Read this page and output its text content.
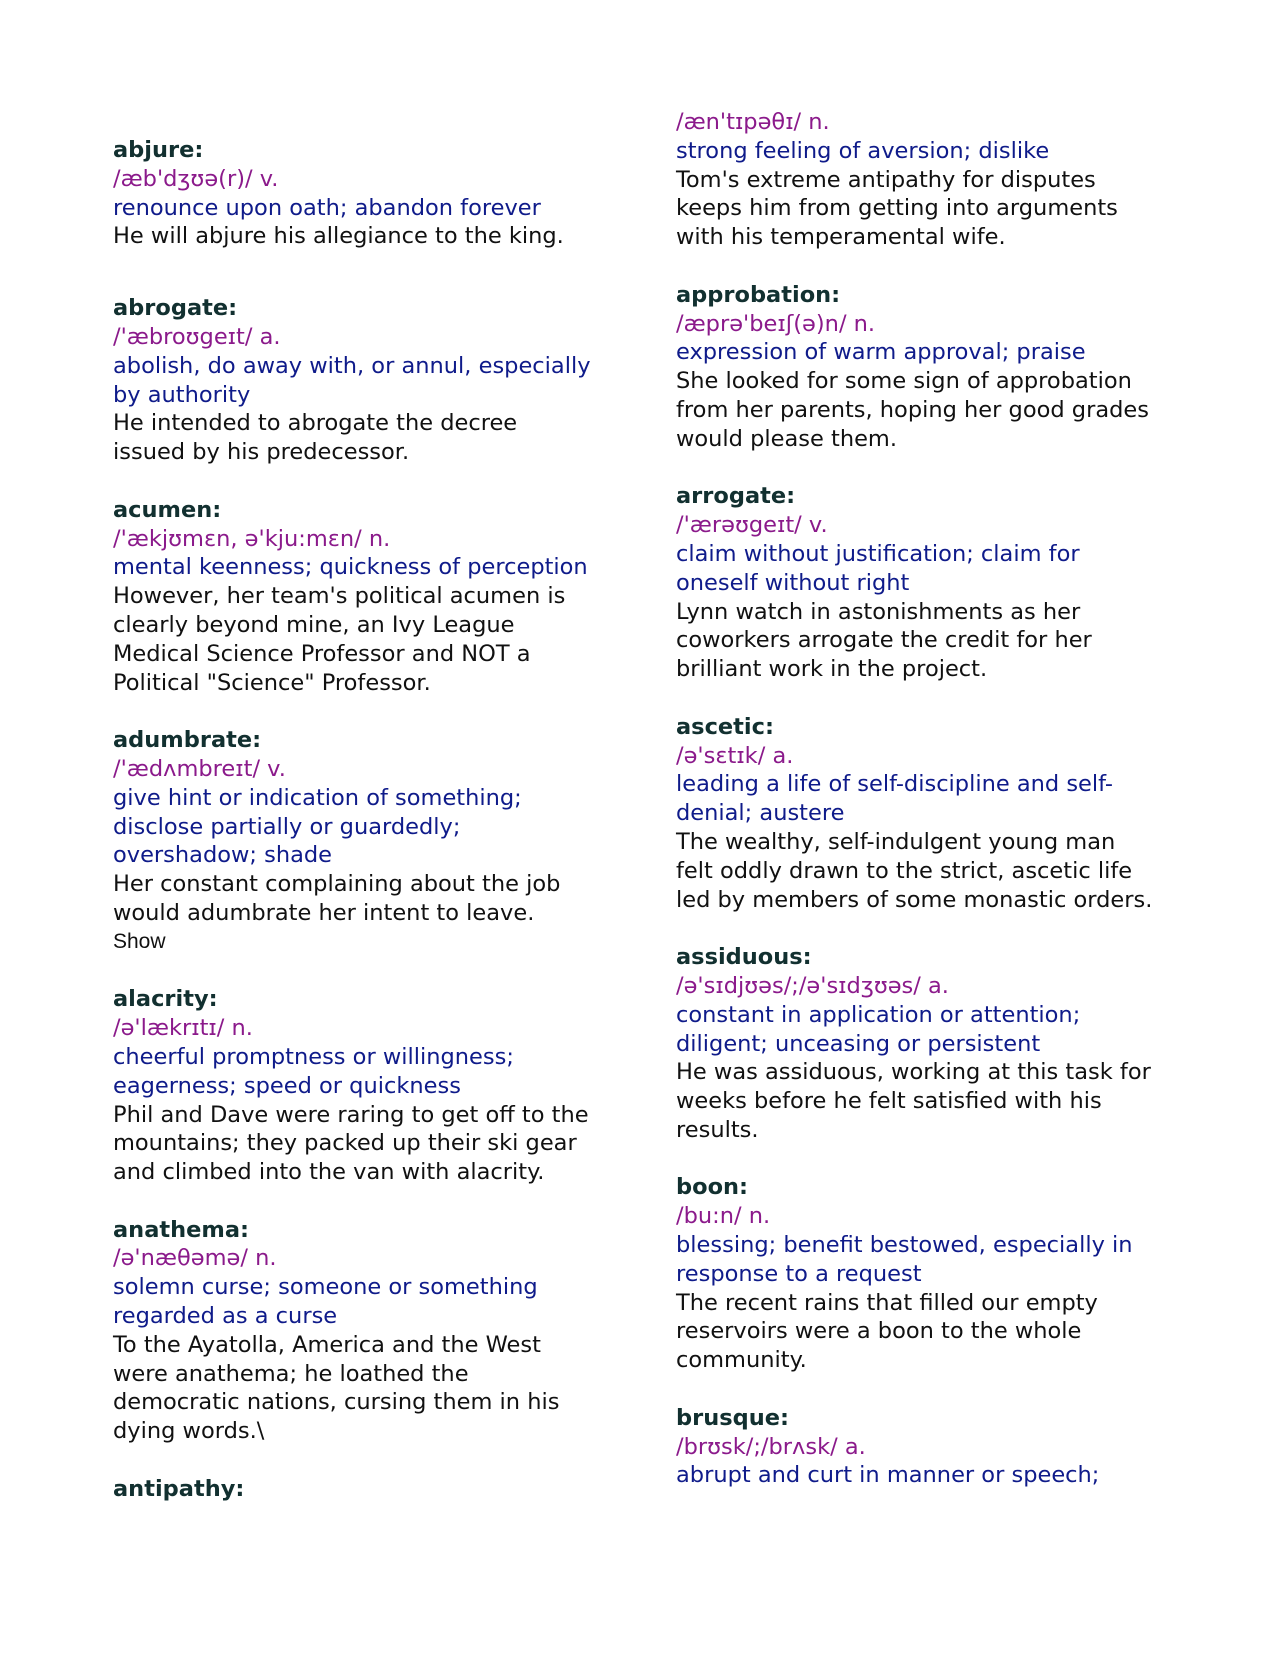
abjure:
/æb'dʒʊə(r)/ v.
renounce upon oath; abandon forever
He will abjure his allegiance to the king.
abrogate:
/'æbroʊgeɪt/ a.
abolish, do away with, or annul, especially
by authority
He intended to abrogate the decree
issued by his predecessor.
acumen:
/'ækjʊmɛn, ə'kju:mɛn/ n.
mental keenness; quickness of perception
However, her team's political acumen is
clearly beyond mine, an Ivy League
Medical Science Professor and NOT a
Political "Science" Professor.
adumbrate:
/'ædʌmbreɪt/ v.
give hint or indication of something;
disclose partially or guardedly;
overshadow; shade
Her constant complaining about the job
would adumbrate her intent to leave.
Show
alacrity:
/ə'lækrɪtɪ/ n.
cheerful promptness or willingness;
eagerness; speed or quickness
Phil and Dave were raring to get off to the
mountains; they packed up their ski gear
and climbed into the van with alacrity.
anathema:
/ə'næθəmə/ n.
solemn curse; someone or something
regarded as a curse
To the Ayatolla, America and the West
were anathema; he loathed the
democratic nations, cursing them in his
dying words.\
antipathy:
/æn'tɪpəθɪ/ n.
strong feeling of aversion; dislike
Tom's extreme antipathy for disputes
keeps him from getting into arguments
with his temperamental wife.
approbation:
/æprə'beɪʃ(ə)n/ n.
expression of warm approval; praise
She looked for some sign of approbation
from her parents, hoping her good grades
would please them.
arrogate:
/'ærəʊgeɪt/ v.
claim without justification; claim for
oneself without right
Lynn watch in astonishments as her
coworkers arrogate the credit for her
brilliant work in the project.
ascetic:
/ə'sɛtɪk/ a.
leading a life of self-discipline and self-
denial; austere
The wealthy, self-indulgent young man
felt oddly drawn to the strict, ascetic life
led by members of some monastic orders.
assiduous:
/ə'sɪdjʊəs/;/ə'sɪdʒʊəs/ a.
constant in application or attention;
diligent; unceasing or persistent
He was assiduous, working at this task for
weeks before he felt satisfied with his
results.
boon:
/bu:n/ n.
blessing; benefit bestowed, especially in
response to a request
The recent rains that filled our empty
reservoirs were a boon to the whole
community.
brusque:
/brʊsk/;/brʌsk/ a.
abrupt and curt in manner or speech;
